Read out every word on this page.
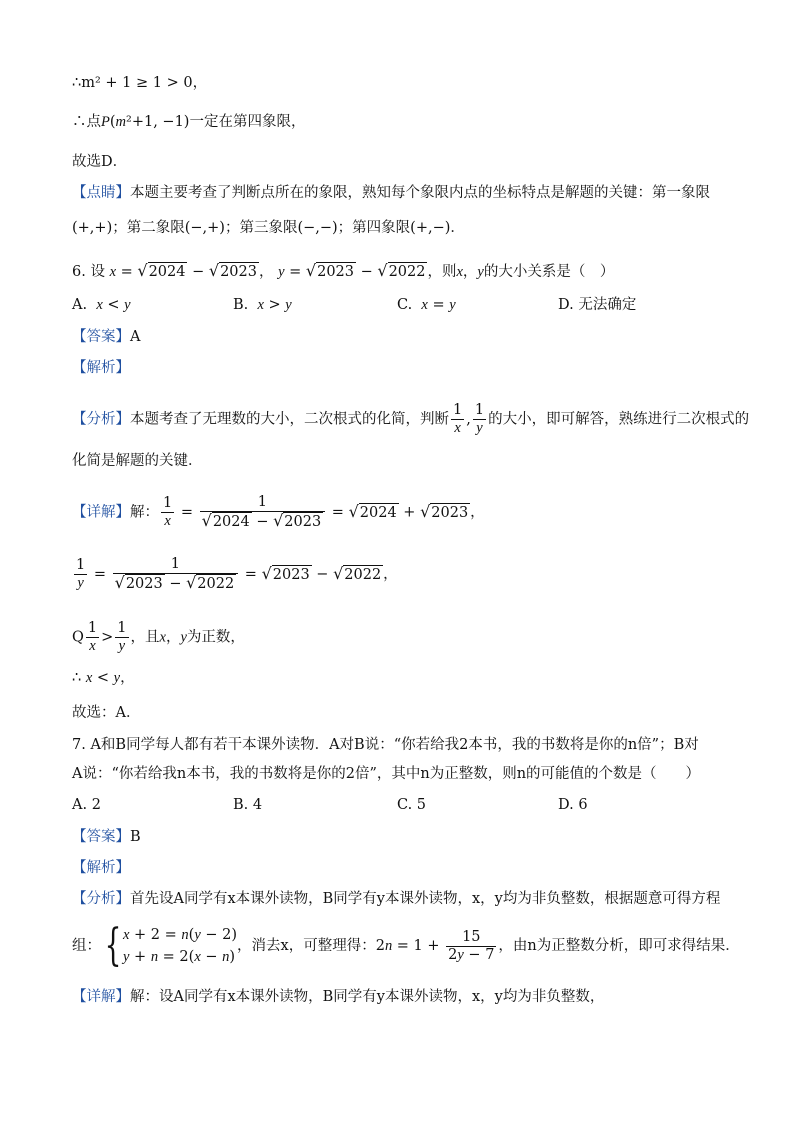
∴m² + 1 ≥ 1 > 0，
∴点P(m²+1, −1)一定在第四象限，
故选D．
【点睛】本题主要考查了判断点所在的象限，熟知每个象限内点的坐标特点是解题的关键：第一象限
(+,+)；第二象限(−,+)；第三象限(−,−)；第四象限(+,−)．
6. 设 x = √2024 − √2023 ， y = √2023 − √2022 ，则x，y的大小关系是（　）
A. x < y	B. x > y	C. x = y	D. 无法确定
【答案】A
【解析】
【分析】本题考查了无理数的大小，二次根式的化简，判断 $\frac{1}{x}$ , $\frac{1}{y}$ 的大小，即可解答，熟练进行二次根式的
化简是解题的关键．
【详解】解： $\frac{1}{x} = \frac{1}{√2024 - √2023} = √2024 + √2023$ ，
$\frac{1}{y} = \frac{1}{√2023 - √2022} = √2023 - √2022$ ，
Q $\frac{1}{x} > \frac{1}{y}$ ，且x，y为正数，
∴ x < y，
故选：A．
7. A和B同学每人都有若干本课外读物．A对B说：“你若给我2本书，我的书数将是你的n倍”；B对
A说：“你若给我n本书，我的书数将是你的2倍”，其中n为正整数，则n的可能值的个数是（　　）
A. 2	B. 4	C. 5	D. 6
【答案】B
【解析】
【分析】首先设A同学有x本课外读物，B同学有y本课外读物，x，y均为非负整数，根据题意可得方程
组：{ x + 2 = n(y − 2)
y + n = 2(x − n)
，消去x，可整理得：$2n = 1 + \frac{15}{2y - 7}$ ，由n为正整数分析，即可求得结果．
【详解】解：设A同学有x本课外读物，B同学有y本课外读物，x，y均为非负整数，
